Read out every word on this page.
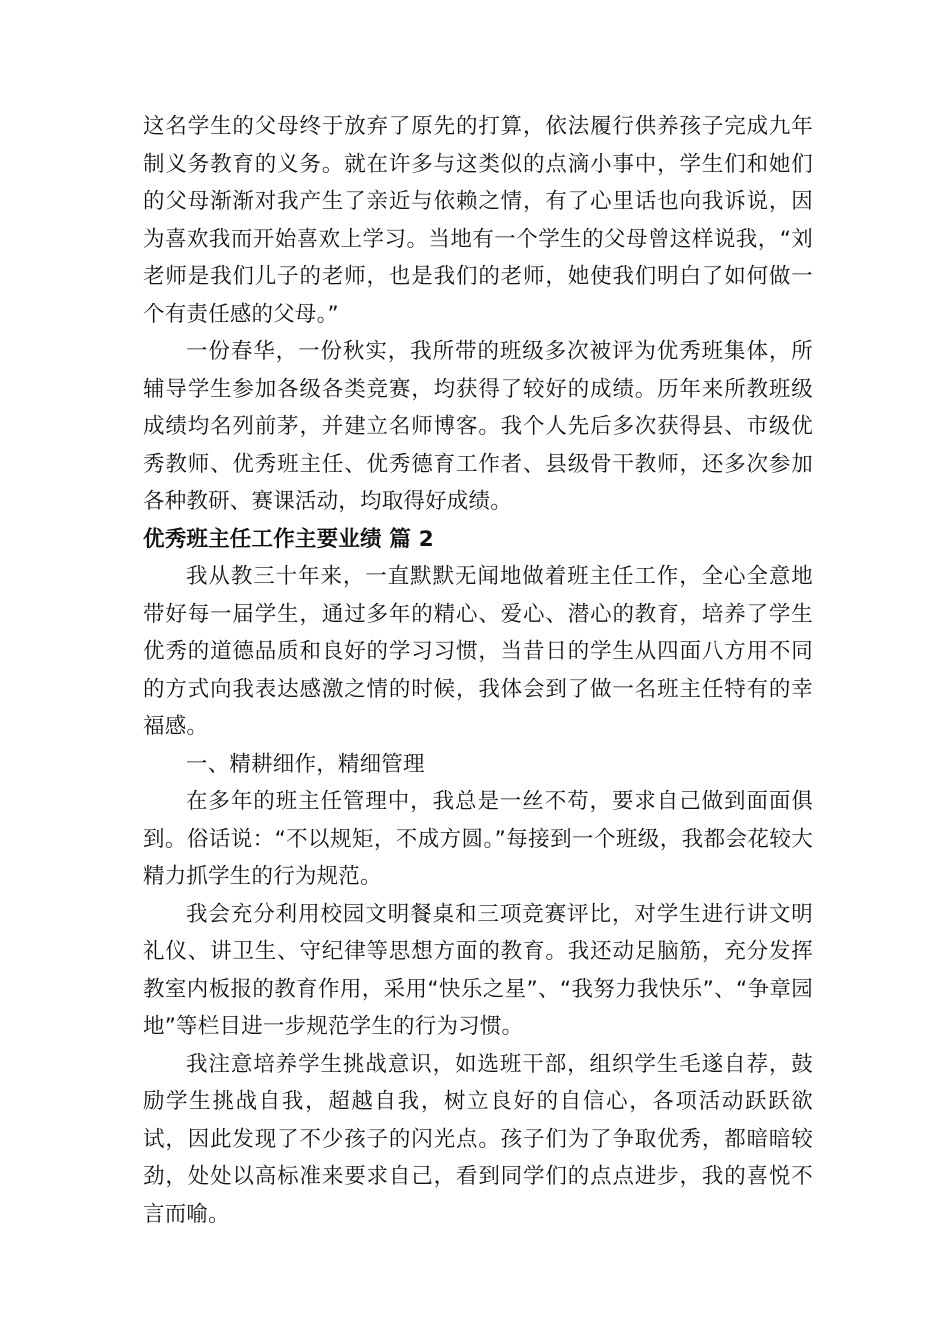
这名学生的父母终于放弃了原先的打算，依法履行供养孩子完成九年制义务教育的义务。就在许多与这类似的点滴小事中，学生们和她们的父母渐渐对我产生了亲近与依赖之情，有了心里话也向我诉说，因为喜欢我而开始喜欢上学习。当地有一个学生的父母曾这样说我，“刘老师是我们儿子的老师，也是我们的老师，她使我们明白了如何做一个有责任感的父母。”

一份春华，一份秋实，我所带的班级多次被评为优秀班集体，所辅导学生参加各级各类竞赛，均获得了较好的成绩。历年来所教班级成绩均名列前茅，并建立名师博客。我个人先后多次获得县、市级优秀教师、优秀班主任、优秀德育工作者、县级骨干教师，还多次参加各种教研、赛课活动，均取得好成绩。

优秀班主任工作主要业绩 篇 2

我从教三十年来，一直默默无闻地做着班主任工作，全心全意地带好每一届学生，通过多年的精心、爱心、潜心的教育，培养了学生优秀的道德品质和良好的学习习惯，当昔日的学生从四面八方用不同的方式向我表达感激之情的时候，我体会到了做一名班主任特有的幸福感。

一、精耕细作，精细管理

在多年的班主任管理中，我总是一丝不苟，要求自己做到面面俱到。俗话说：“不以规矩，不成方圆。”每接到一个班级，我都会花较大精力抓学生的行为规范。

我会充分利用校园文明餐桌和三项竞赛评比，对学生进行讲文明礼仪、讲卫生、守纪律等思想方面的教育。我还动足脑筋，充分发挥教室内板报的教育作用，采用“快乐之星”、“我努力我快乐”、“争章园地”等栏目进一步规范学生的行为习惯。

我注意培养学生挑战意识，如选班干部，组织学生毛遂自荐，鼓励学生挑战自我，超越自我，树立良好的自信心，各项活动跃跃欲试，因此发现了不少孩子的闪光点。孩子们为了争取优秀，都暗暗较劲，处处以高标准来要求自己，看到同学们的点点进步，我的喜悦不言而喻。
